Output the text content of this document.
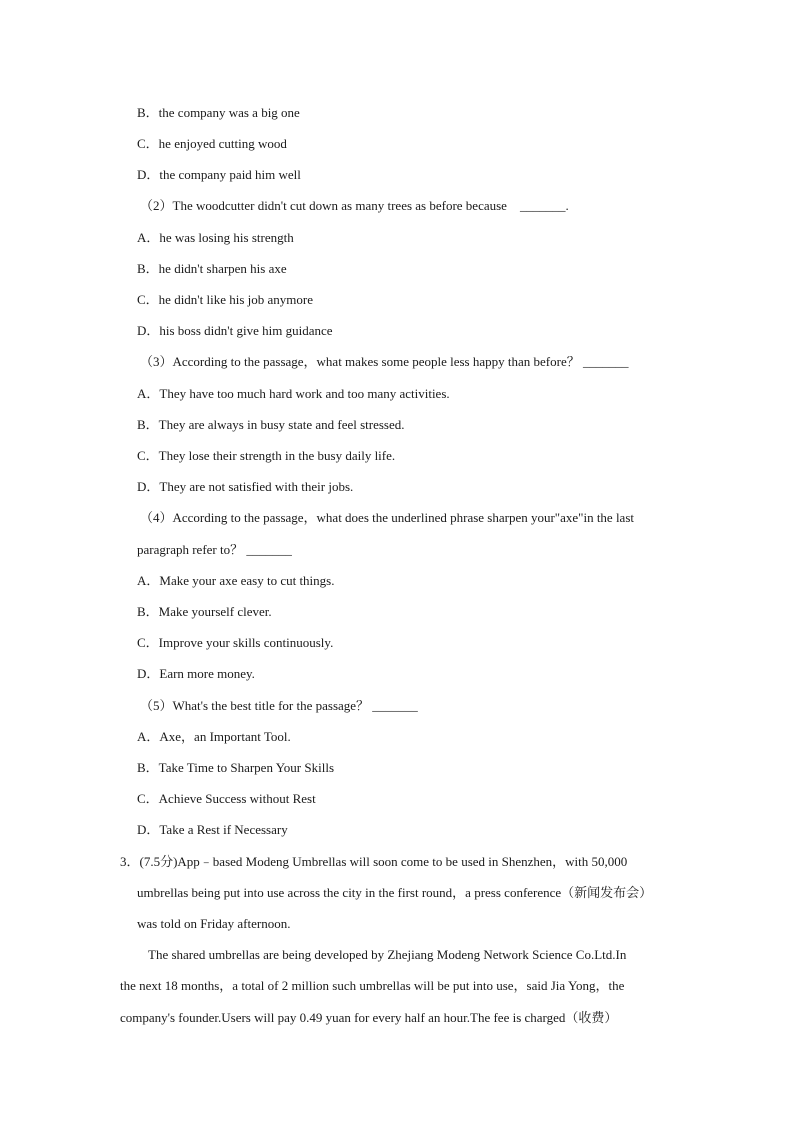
B．the company was a big one
C．he enjoyed cutting wood
D．the company paid him well
（2）The woodcutter didn't cut down as many trees as before because　_______.
A．he was losing his strength
B．he didn't sharpen his axe
C．he didn't like his job anymore
D．his boss didn't give him guidance
（3）According to the passage，what makes some people less happy than before？ _______
A．They have too much hard work and too many activities.
B．They are always in busy state and feel stressed.
C．They lose their strength in the busy daily life.
D．They are not satisfied with their jobs.
（4）According to the passage，what does the underlined phrase sharpen your"axe"in the last
paragraph refer to？ _______
A．Make your axe easy to cut things.
B．Make yourself clever.
C．Improve your skills continuously.
D．Earn more money.
（5）What's the best title for the passage？ _______
A．Axe，an Important Tool.
B．Take Time to Sharpen Your Skills
C．Achieve Success without Rest
D．Take a Rest if Necessary
3．(7.5分)App﹣based Modeng Umbrellas will soon come to be used in Shenzhen，with 50,000
umbrellas being put into use across the city in the first round，a press conference（新闻发布会）
was told on Friday afternoon.
The shared umbrellas are being developed by Zhejiang Modeng Network Science Co.Ltd.In
the next 18 months，a total of 2 million such umbrellas will be put into use，said Jia Yong，the
company's founder.Users will pay 0.49 yuan for every half an hour.The fee is charged（收费）
